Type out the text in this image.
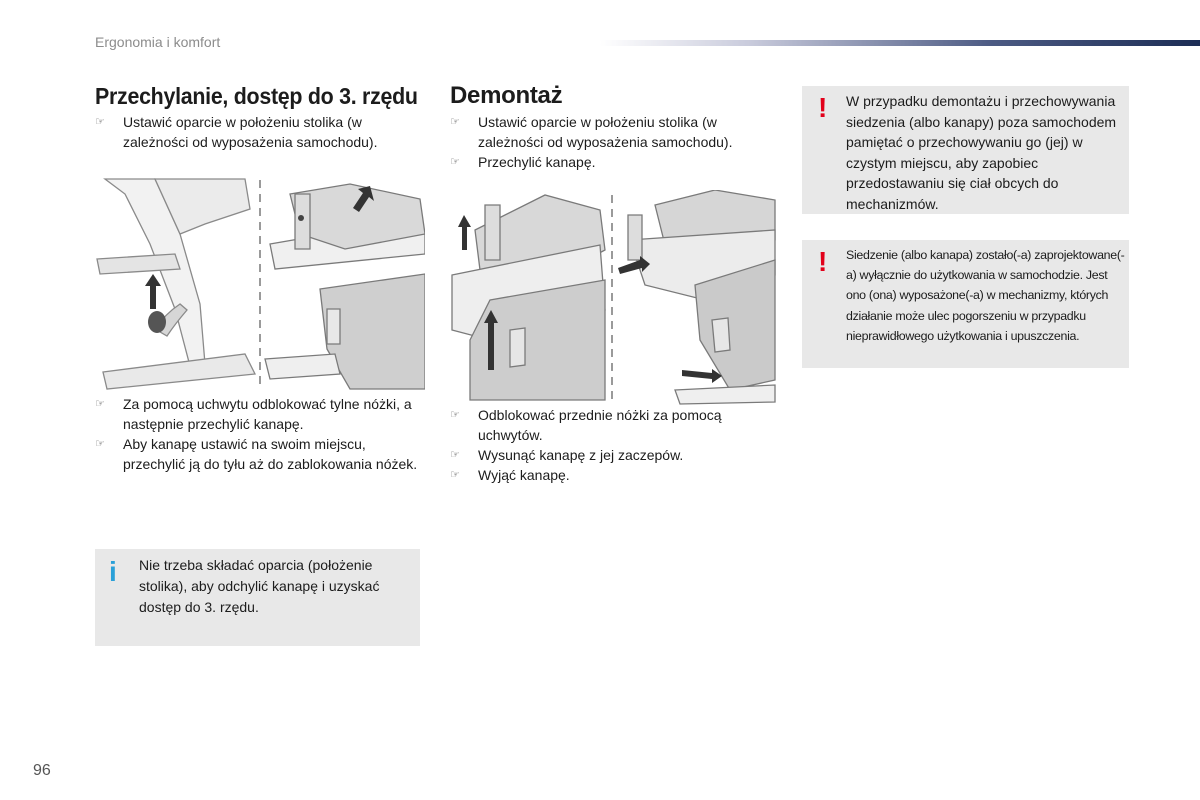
Ergonomia i komfort
Przechylanie, dostęp do 3. rzędu
☞ Ustawić oparcie w położeniu stolika (w zależności od wyposażenia samochodu).
☞ Za pomocą uchwytu odblokować tylne nóżki, a następnie przechylić kanapę.
☞ Aby kanapę ustawić na swoim miejscu, przechylić ją do tyłu aż do zablokowania nóżek.
i	Nie trzeba składać oparcia (położenie stolika), aby odchylić kanapę i uzyskać dostęp do 3. rzędu.
Demontaż
☞ Ustawić oparcie w położeniu stolika (w zależności od wyposażenia samochodu).
☞ Przechylić kanapę.
☞ Odblokować przednie nóżki za pomocą uchwytów.
☞ Wysunąć kanapę z jej zaczepów.
☞ Wyjąć kanapę.
! W przypadku demontażu i przechowywania siedzenia (albo kanapy) poza samochodem pamiętać o przechowywaniu go (jej) w czystym miejscu, aby zapobiec przedostawaniu się ciał obcych do mechanizmów.
! Siedzenie (albo kanapa) zostało(-a) zaprojektowane(-a) wyłącznie do użytkowania w samochodzie. Jest ono (ona) wyposażone(-a) w mechanizmy, których działanie może ulec pogorszeniu w przypadku nieprawidłowego użytkowania i upuszczenia.
96
